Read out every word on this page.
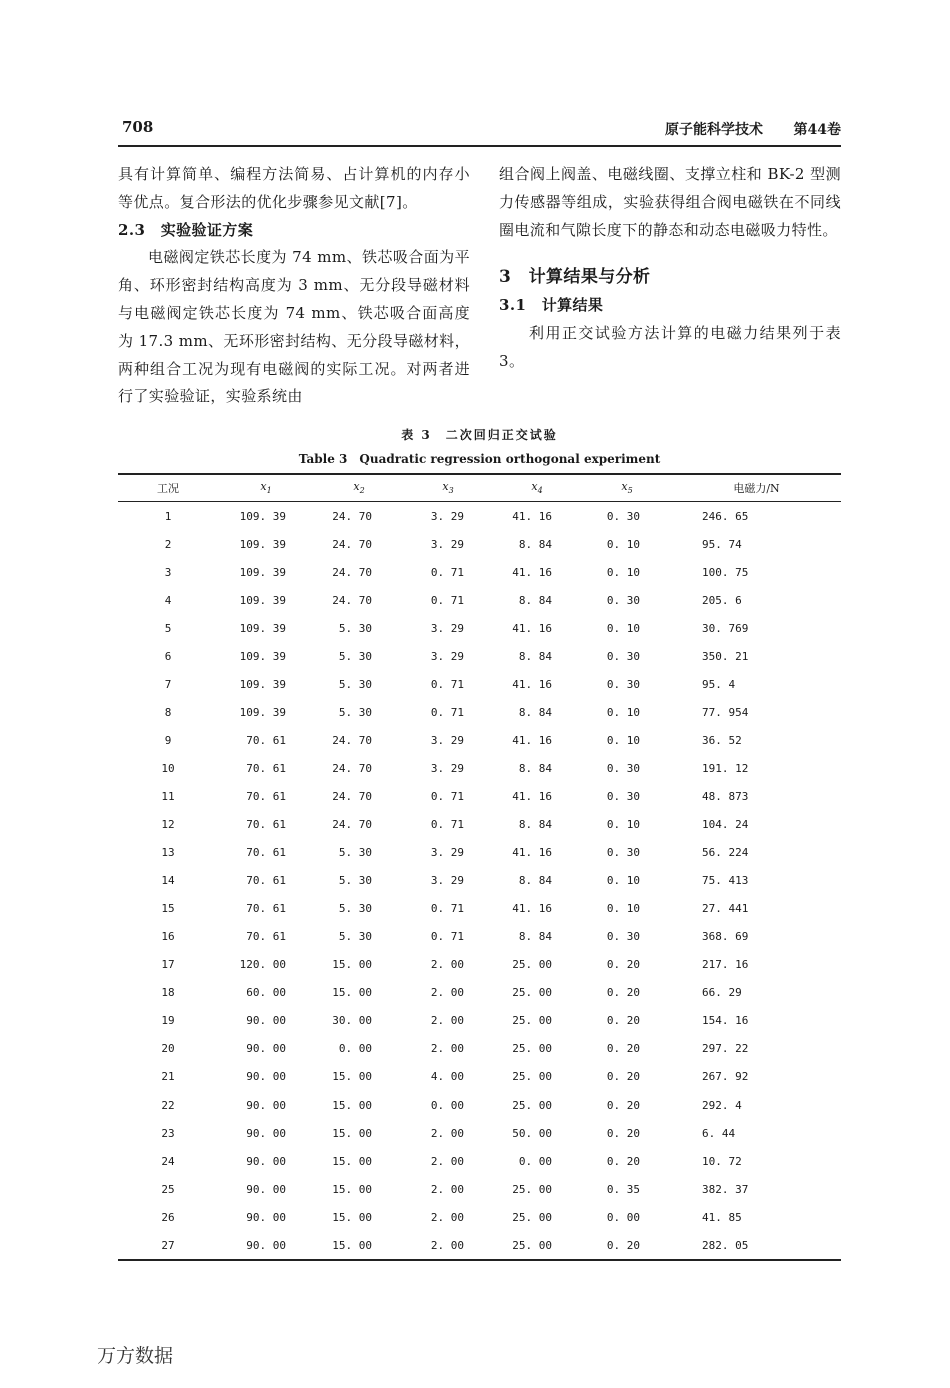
708	原子能科学技术 第44卷

具有计算简单、编程方法简易、占计算机的内存小等优点。复合形法的优化步骤参见文献[7]。

2.3　实验验证方案

电磁阀定铁芯长度为 74 mm、铁芯吸合面为平角、环形密封结构高度为 3 mm、无分段导磁材料与电磁阀定铁芯长度为 74 mm、铁芯吸合面高度为 17.3 mm、无环形密封结构、无分段导磁材料，两种组合工况为现有电磁阀的实际工况。对两者进行了实验验证，实验系统由

组合阀上阀盖、电磁线圈、支撑立柱和 BK-2 型测力传感器等组成，实验获得组合阀电磁铁在不同线圈电流和气隙长度下的静态和动态电磁吸力特性。

3　计算结果与分析

3.1　计算结果

利用正交试验方法计算的电磁力结果列于表 3。

表 3　二次回归正交试验
Table 3　Quadratic regression orthogonal experiment
工况	$x_1$	$x_2$	$x_3$	$x_4$	$x_5$	电磁力/N
1	109. 39	24. 70	3. 29	41. 16	0. 30	246. 65
2	109. 39	24. 70	3. 29	8. 84	0. 10	95. 74
3	109. 39	24. 70	0. 71	41. 16	0. 10	100. 75
4	109. 39	24. 70	0. 71	8. 84	0. 30	205. 6
5	109. 39	5. 30	3. 29	41. 16	0. 10	30. 769
6	109. 39	5. 30	3. 29	8. 84	0. 30	350. 21
7	109. 39	5. 30	0. 71	41. 16	0. 30	95. 4
8	109. 39	5. 30	0. 71	8. 84	0. 10	77. 954
9	70. 61	24. 70	3. 29	41. 16	0. 10	36. 52
10	70. 61	24. 70	3. 29	8. 84	0. 30	191. 12
11	70. 61	24. 70	0. 71	41. 16	0. 30	48. 873
12	70. 61	24. 70	0. 71	8. 84	0. 10	104. 24
13	70. 61	5. 30	3. 29	41. 16	0. 30	56. 224
14	70. 61	5. 30	3. 29	8. 84	0. 10	75. 413
15	70. 61	5. 30	0. 71	41. 16	0. 10	27. 441
16	70. 61	5. 30	0. 71	8. 84	0. 30	368. 69
17	120. 00	15. 00	2. 00	25. 00	0. 20	217. 16
18	60. 00	15. 00	2. 00	25. 00	0. 20	66. 29
19	90. 00	30. 00	2. 00	25. 00	0. 20	154. 16
20	90. 00	0. 00	2. 00	25. 00	0. 20	297. 22
21	90. 00	15. 00	4. 00	25. 00	0. 20	267. 92
22	90. 00	15. 00	0. 00	25. 00	0. 20	292. 4
23	90. 00	15. 00	2. 00	50. 00	0. 20	6. 44
24	90. 00	15. 00	2. 00	0. 00	0. 20	10. 72
25	90. 00	15. 00	2. 00	25. 00	0. 35	382. 37
26	90. 00	15. 00	2. 00	25. 00	0. 00	41. 85
27	90. 00	15. 00	2. 00	25. 00	0. 20	282. 05
万方数据
